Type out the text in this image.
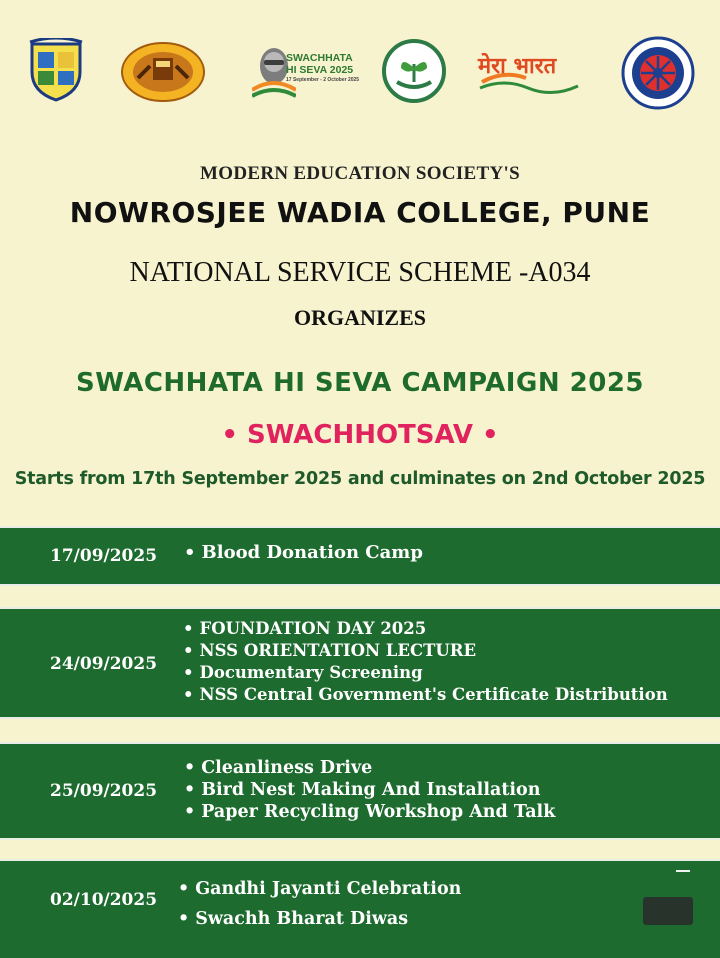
SWACHHATA
HI SEVA 2025
17 September - 2 October 2025
मेरा भारत
MODERN EDUCATION SOCIETY'S
NOWROSJEE WADIA COLLEGE, PUNE
NATIONAL SERVICE SCHEME -A034
ORGANIZES
SWACHHATA HI SEVA CAMPAIGN 2025
• SWACHHOTSAV •
Starts from 17th September 2025 and culminates on 2nd October 2025
17/09/2025
•	Blood Donation Camp
24/09/2025
• FOUNDATION DAY 2025
• NSS ORIENTATION LECTURE
• Documentary Screening
• NSS Central Government's Certificate Distribution
25/09/2025
• Cleanliness Drive
• Bird Nest Making And Installation
• Paper Recycling Workshop And Talk
02/10/2025
• Gandhi Jayanti Celebration
• Swachh Bharat Diwas
